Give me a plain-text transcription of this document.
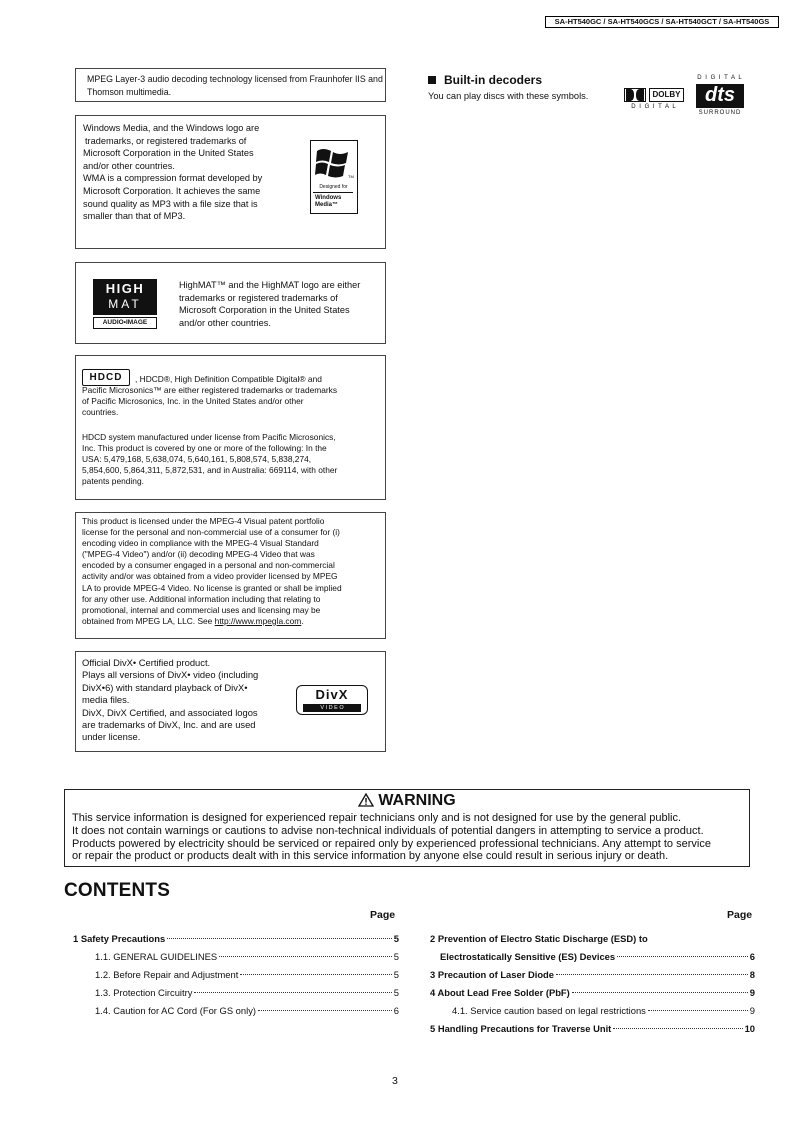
SA-HT540GC / SA-HT540GCS / SA-HT540GCT / SA-HT540GS
MPEG Layer-3 audio decoding technology licensed from Fraunhofer IIS and Thomson multimedia.
Windows Media, and the Windows logo are
trademarks, or registered trademarks of
Microsoft Corporation in the United States
and/or other countries.
WMA is a compression format developed by
Microsoft Corporation. It achieves the same
sound quality as MP3 with a file size that is
smaller than that of MP3.
TM
Designed for
Windows
Media™
HIGH
MAT
AUDIO•IMAGE
HighMAT™ and the HighMAT logo are either
trademarks or registered trademarks of
Microsoft Corporation in the United States
and/or other countries.
HDCD	, HDCD®, High Definition Compatible Digital® and
Pacific Microsonics™ are either registered trademarks or trademarks
of Pacific Microsonics, Inc. in the United States and/or other
countries.
HDCD system manufactured under license from Pacific Microsonics,
Inc. This product is covered by one or more of the following: In the
USA: 5,479,168, 5,638,074, 5,640,161, 5,808,574, 5,838,274,
5,854,600, 5,864,311, 5,872,531, and in Australia: 669114, with other
patents pending.
This product is licensed under the MPEG-4 Visual patent portfolio
license for the personal and non-commercial use of a consumer for (i)
encoding video in compliance with the MPEG-4 Visual Standard
("MPEG-4 Video") and/or (ii) decoding MPEG-4 Video that was
encoded by a consumer engaged in a personal and non-commercial
activity and/or was obtained from a video provider licensed by MPEG
LA to provide MPEG-4 Video. No license is granted or shall be implied
for any other use. Additional information including that relating to
promotional, internal and commercial uses and licensing may be
obtained from MPEG LA, LLC. See http://www.mpegla.com.
Official DivX• Certified product.
Plays all versions of DivX• video (including
DivX•6) with standard playback of DivX•
media files.
DivX, DivX Certified, and associated logos
are trademarks of DivX, Inc. and are used
under license.
DivX
V I D E O
Built-in decoders
You can play discs with these symbols.	DOLBY
D I G I T A L
D I G I T A L
dts
SURROUND
WARNING
This service information is designed for experienced repair technicians only and is not designed for use by the general public.
It does not contain warnings or cautions to advise non-technical individuals of potential dangers in attempting to service a product.
Products powered by electricity should be serviced or repaired only by experienced professional technicians. Any attempt to service
or repair the product or products dealt with in this service information by anyone else could result in serious injury or death.
CONTENTS
Page	Page
1 Safety Precautions	5
1.1. GENERAL GUIDELINES	5
1.2. Before Repair and Adjustment	5
1.3. Protection Circuitry	5
1.4. Caution for AC Cord (For GS only)	6
2 Prevention of Electro Static Discharge (ESD) to
Electrostatically Sensitive (ES) Devices	6
3 Precaution of Laser Diode	8
4 About Lead Free Solder (PbF)	9
4.1. Service caution based on legal restrictions	9
5 Handling Precautions for Traverse Unit	10
3
